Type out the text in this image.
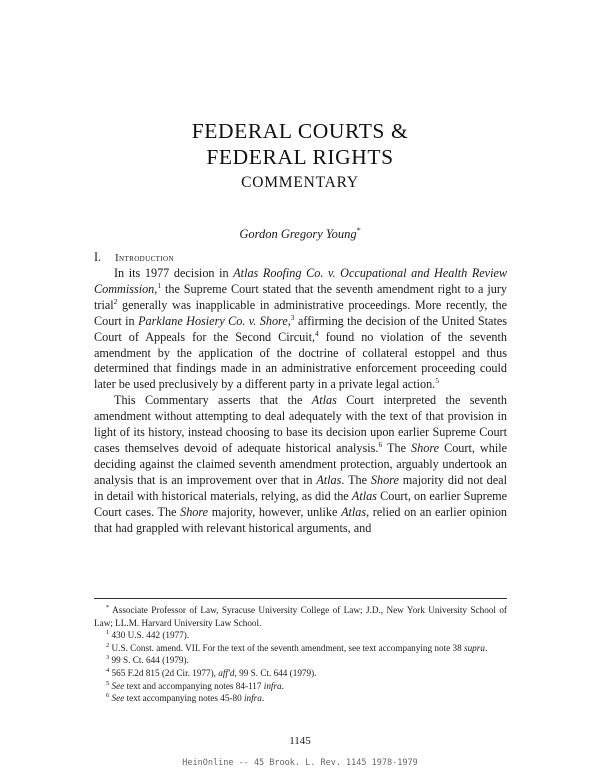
FEDERAL COURTS &
FEDERAL RIGHTS
COMMENTARY
Gordon Gregory Young*
I. Introduction

In its 1977 decision in Atlas Roofing Co. v. Occupational and Health Review Commission,$^1$ the Supreme Court stated that the seventh amendment right to a jury trial$^2$ generally was inapplicable in administrative proceedings. More recently, the Court in Parklane Hosiery Co. v. Shore,$^3$ affirming the decision of the United States Court of Appeals for the Second Circuit,$^4$ found no violation of the seventh amendment by the application of the doctrine of collateral estoppel and thus determined that findings made in an administrative enforcement proceeding could later be used preclusively by a different party in a private legal action.$^5$

This Commentary asserts that the Atlas Court interpreted the seventh amendment without attempting to deal adequately with the text of that provision in light of its history, instead choosing to base its decision upon earlier Supreme Court cases themselves devoid of adequate historical analysis.$^6$ The Shore Court, while deciding against the claimed seventh amendment protection, arguably undertook an analysis that is an improvement over that in Atlas. The Shore majority did not deal in detail with historical materials, relying, as did the Atlas Court, on earlier Supreme Court cases. The Shore majority, however, unlike Atlas, relied on an earlier opinion that had grappled with relevant historical arguments, and

* Associate Professor of Law, Syracuse University College of Law; J.D., New York University School of Law; LL.M. Harvard University Law School.
$^1$ 430 U.S. 442 (1977).
$^2$ U.S. Const. amend. VII. For the text of the seventh amendment, see text accompanying note 38 supra.
$^3$ 99 S. Ct. 644 (1979).
$^4$ 565 F.2d 815 (2d Cir. 1977), aff'd, 99 S. Ct. 644 (1979).
$^5$ See text and accompanying notes 84-117 infra.
$^6$ See text accompanying notes 45-80 infra.
1145
HeinOnline -- 45 Brook. L. Rev. 1145 1978-1979
